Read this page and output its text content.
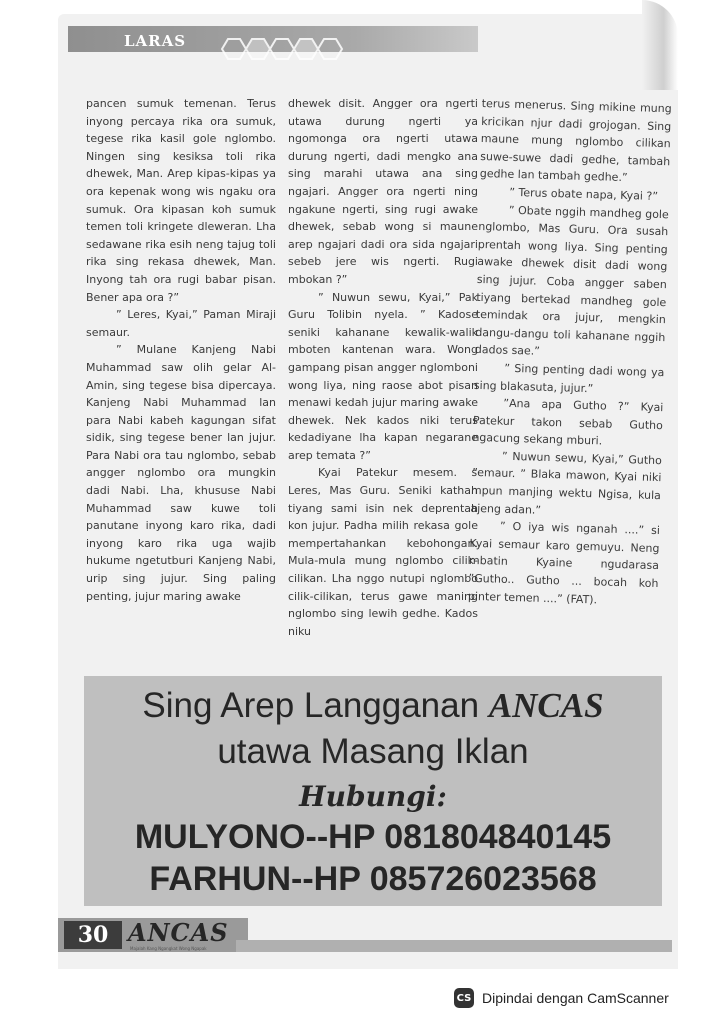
LARAS

pancen sumuk temenan. Terus inyong percaya rika ora sumuk, tegese rika kasil gole nglombo. Ningen sing kesiksa toli rika dhewek, Man. Arep kipas-kipas ya ora kepenak wong wis ngaku ora sumuk. Ora kipasan koh sumuk temen toli kringete dleweran. Lha sedawane rika esih neng tajug toli rika sing rekasa dhewek, Man. Inyong tah ora rugi babar pisan. Bener apa ora ?”

” Leres, Kyai,” Paman Miraji semaur.

” Mulane Kanjeng Nabi Muhammad saw olih gelar Al-Amin, sing tegese bisa dipercaya. Kanjeng Nabi Muhammad lan para Nabi kabeh kagungan sifat sidik, sing tegese bener lan jujur. Para Nabi ora tau nglombo, sebab angger nglombo ora mungkin dadi Nabi. Lha, khususe Nabi Muhammad saw kuwe toli panutane inyong karo rika, dadi inyong karo rika uga wajib hukume ngetutburi Kanjeng Nabi, urip sing jujur. Sing paling penting, jujur maring awake

dhewek disit. Angger ora ngerti utawa durung ngerti ya ngomonga ora ngerti utawa durung ngerti, dadi mengko ana sing marahi utawa ana sing ngajari. Angger ora ngerti ning ngakune ngerti, sing rugi awake dhewek, sebab wong si maune arep ngajari dadi ora sida ngajari sebeb jere wis ngerti. Rugi mbokan ?”

” Nuwun sewu, Kyai,” Pak Guru Tolibin nyela. ” Kadose seniki kahanane kewalik-walik mboten kantenan wara. Wong gampang pisan angger nglomboni wong liya, ning raose abot pisan menawi kedah jujur maring awake dhewek. Nek kados niki terus kedadiyane lha kapan negarane arep temata ?”

Kyai Patekur mesem. ” Leres, Mas Guru. Seniki kathah tiyang sami isin nek deprentah kon jujur. Padha milih rekasa gole mempertahankan kebohongan. Mula-mula mung nglombo cilik-cilikan. Lha nggo nutupi nglombo cilik-cilikan, terus gawe maning nglombo sing lewih gedhe. Kados niku

terus menerus. Sing mikine mung kricikan njur dadi grojogan. Sing maune mung nglombo cilikan suwe-suwe dadi gedhe, tambah gedhe lan tambah gedhe.”

” Terus obate napa, Kyai ?”

” Obate nggih mandheg gole nglombo, Mas Guru. Ora susah prentah wong liya. Sing penting awake dhewek disit dadi wong sing jujur. Coba angger saben tiyang bertekad mandheg gole temindak ora jujur, mengkin dangu-dangu toli kahanane nggih dados sae.”

” Sing penting dadi wong ya sing blakasuta, jujur.”

”Ana apa Gutho ?” Kyai Patekur takon sebab Gutho ngacung sekang mburi.

” Nuwun sewu, Kyai,” Gutho semaur. ” Blaka mawon, Kyai niki mpun manjing wektu Ngisa, kula ajeng adan.”

” O iya wis nganah ....” si Kyai semaur karo gemuyu. Neng mbatin Kyaine ngudarasa ”Gutho.. Gutho ... bocah koh pinter temen ....” (FAT).

Sing Arep Langganan ANCAS
utawa Masang Iklan
Hubungi:
MULYONO--HP 081804840145
FARHUN--HP 085726023568
30 ANCAS
Majalah Kang Ngangkat Wong Ngapak
CS Dipindai dengan CamScanner
